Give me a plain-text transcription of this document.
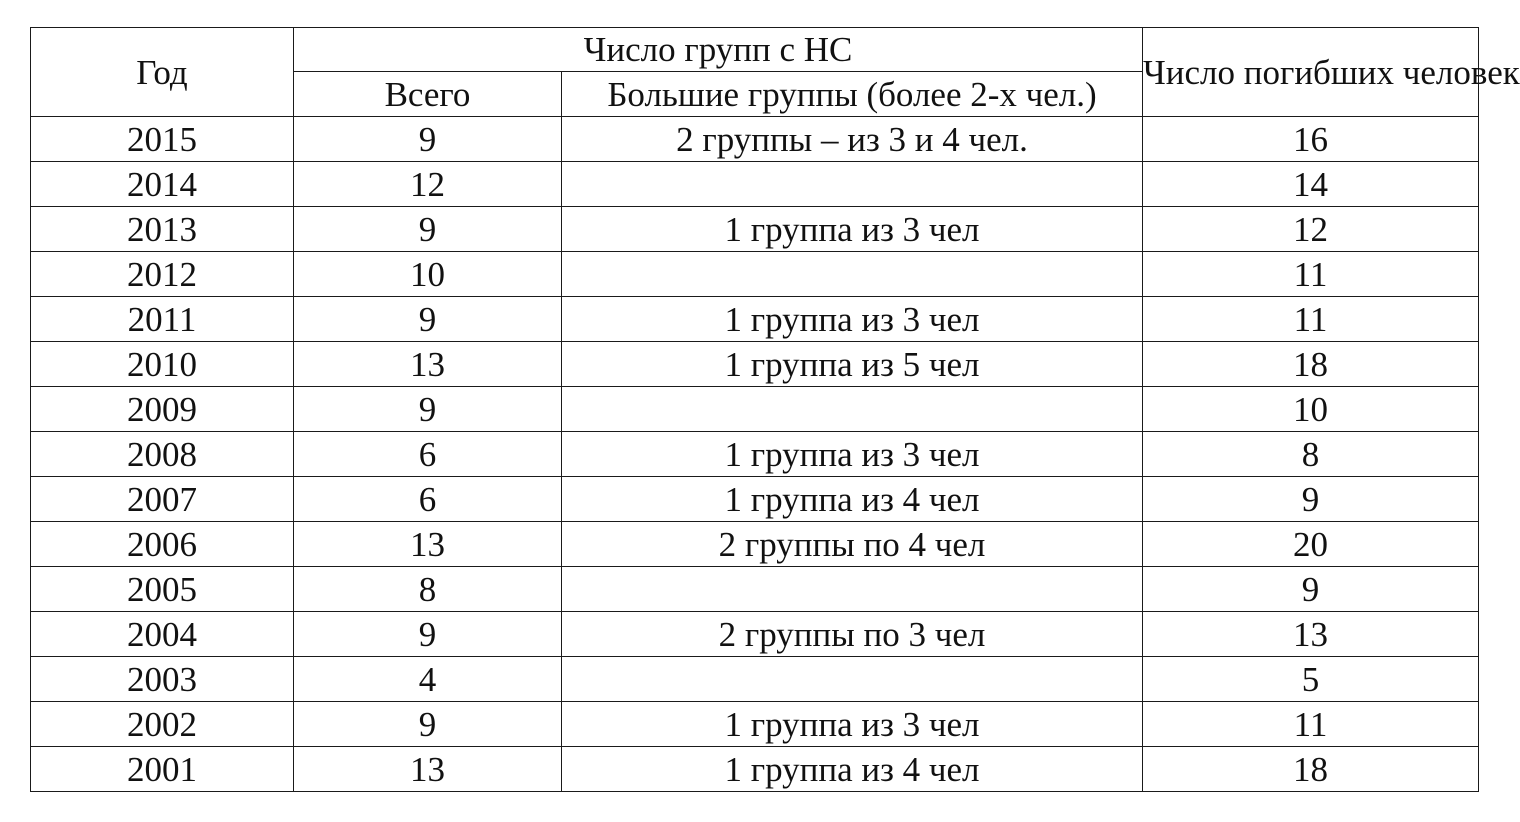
Год	Число групп с НС		Число погибших человек
	Всего	Большие группы (более 2-х чел.)	
2015	9	2 группы – из 3 и 4 чел.	16
2014	12		14
2013	9	1 группа из 3 чел	12
2012	10		11
2011	9	1 группа из 3 чел	11
2010	13	1 группа из 5 чел	18
2009	9		10
2008	6	1 группа из 3 чел	8
2007	6	1 группа из 4 чел	9
2006	13	2 группы по 4 чел	20
2005	8		9
2004	9	2 группы по 3 чел	13
2003	4		5
2002	9	1 группа из 3 чел	11
2001	13	1 группа из 4 чел	18
